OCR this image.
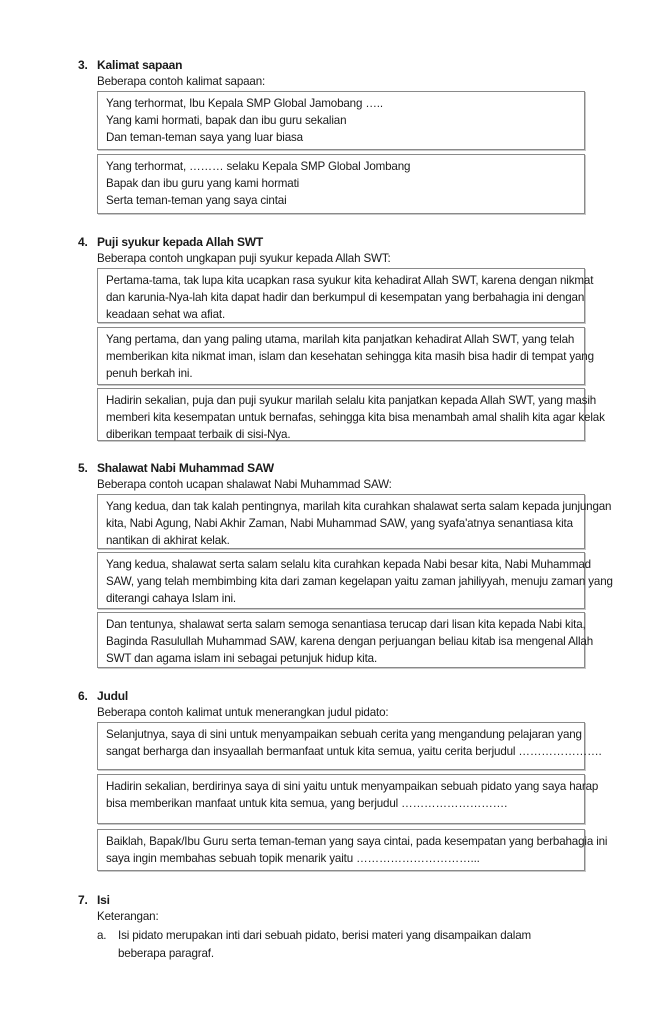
3. Kalimat sapaan
Beberapa contoh kalimat sapaan:
Yang terhormat, Ibu Kepala SMP Global Jamobang …..
Yang kami hormati, bapak dan ibu guru sekalian
Dan teman-teman saya yang luar biasa
Yang terhormat, ……… selaku Kepala SMP Global Jombang
Bapak dan ibu guru yang kami hormati
Serta teman-teman yang saya cintai
4. Puji syukur kepada Allah SWT
Beberapa contoh ungkapan puji syukur kepada Allah SWT:
Pertama-tama, tak lupa kita ucapkan rasa syukur kita kehadirat Allah SWT, karena dengan nikmat
dan karunia-Nya-lah kita dapat hadir dan berkumpul di kesempatan yang berbahagia ini dengan
keadaan sehat wa afiat.
Yang pertama, dan yang paling utama, marilah kita panjatkan kehadirat Allah SWT, yang telah
memberikan kita nikmat iman, islam dan kesehatan sehingga kita masih bisa hadir di tempat yang
penuh berkah ini.
Hadirin sekalian, puja dan puji syukur marilah selalu kita panjatkan kepada Allah SWT, yang masih
memberi kita kesempatan untuk bernafas, sehingga kita bisa menambah amal shalih kita agar kelak
diberikan tempaat terbaik di sisi-Nya.
5. Shalawat Nabi Muhammad SAW
Beberapa contoh ucapan shalawat Nabi Muhammad SAW:
Yang kedua, dan tak kalah pentingnya, marilah kita curahkan shalawat serta salam kepada junjungan
kita, Nabi Agung, Nabi Akhir Zaman, Nabi Muhammad SAW, yang syafa'atnya senantiasa kita
nantikan di akhirat kelak.
Yang kedua, shalawat serta salam selalu kita curahkan kepada Nabi besar kita, Nabi Muhammad
SAW, yang telah membimbing kita dari zaman kegelapan yaitu zaman jahiliyyah, menuju zaman yang
diterangi cahaya Islam ini.
Dan tentunya, shalawat serta salam semoga senantiasa terucap dari lisan kita kepada Nabi kita,
Baginda Rasulullah Muhammad SAW, karena dengan perjuangan beliau kitab isa mengenal Allah
SWT dan agama islam ini sebagai petunjuk hidup kita.
6. Judul
Beberapa contoh kalimat untuk menerangkan judul pidato:
Selanjutnya, saya di sini untuk menyampaikan sebuah cerita yang mengandung pelajaran yang
sangat berharga dan insyaallah bermanfaat untuk kita semua, yaitu cerita berjudul ………………….
Hadirin sekalian, berdirinya saya di sini yaitu untuk menyampaikan sebuah pidato yang saya harap
bisa memberikan manfaat untuk kita semua, yang berjudul ……………………….
Baiklah, Bapak/Ibu Guru serta teman-teman yang saya cintai, pada kesempatan yang berbahagia ini
saya ingin membahas sebuah topik menarik yaitu …………………………...
7. Isi
Keterangan:
a. Isi pidato merupakan inti dari sebuah pidato, berisi materi yang disampaikan dalam beberapa paragraf.
